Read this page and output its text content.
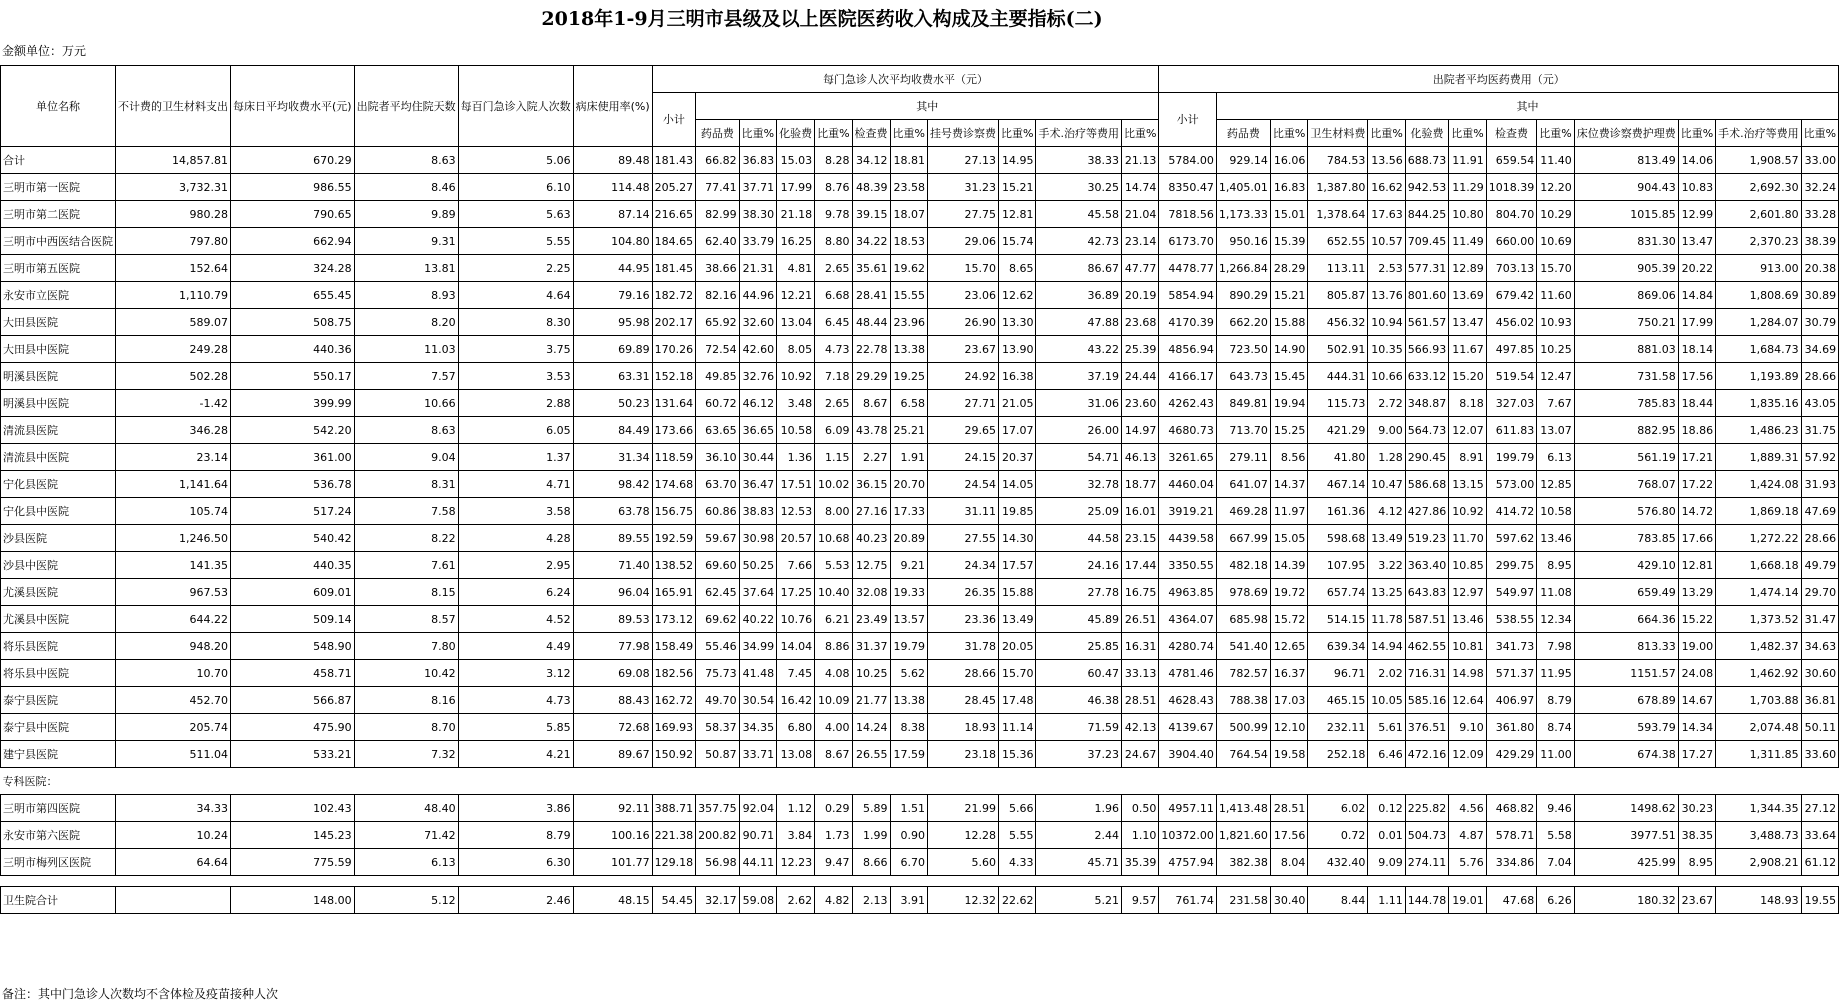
2018年1-9月三明市县级及以上医院医药收入构成及主要指标(二)
金额单位：万元
单位名称	不计费的卫生材料支出	每床日平均收费水平(元)	出院者平均住院天数	每百门急诊入院人次数	病床使用率(%)	每门急诊人次平均收费水平（元）											出院者平均医药费用（元）												
						小计	其中										小计	其中											
							药品费	比重%	化验费	比重%	检查费	比重%	挂号费诊察费	比重%	手术.治疗等费用	比重%		药品费	比重%	卫生材料费	比重%	化验费	比重%	检查费	比重%	床位费诊察费护理费	比重%	手术.治疗等费用	比重%
合计	14,857.81	670.29	8.63	5.06	89.48	181.43	66.82	36.83	15.03	8.28	34.12	18.81	27.13	14.95	38.33	21.13	5784.00	929.14	16.06	784.53	13.56	688.73	11.91	659.54	11.40	813.49	14.06	1,908.57	33.00
三明市第一医院	3,732.31	986.55	8.46	6.10	114.48	205.27	77.41	37.71	17.99	8.76	48.39	23.58	31.23	15.21	30.25	14.74	8350.47	1,405.01	16.83	1,387.80	16.62	942.53	11.29	1018.39	12.20	904.43	10.83	2,692.30	32.24
三明市第二医院	980.28	790.65	9.89	5.63	87.14	216.65	82.99	38.30	21.18	9.78	39.15	18.07	27.75	12.81	45.58	21.04	7818.56	1,173.33	15.01	1,378.64	17.63	844.25	10.80	804.70	10.29	1015.85	12.99	2,601.80	33.28
三明市中西医结合医院	797.80	662.94	9.31	5.55	104.80	184.65	62.40	33.79	16.25	8.80	34.22	18.53	29.06	15.74	42.73	23.14	6173.70	950.16	15.39	652.55	10.57	709.45	11.49	660.00	10.69	831.30	13.47	2,370.23	38.39
三明市第五医院	152.64	324.28	13.81	2.25	44.95	181.45	38.66	21.31	4.81	2.65	35.61	19.62	15.70	8.65	86.67	47.77	4478.77	1,266.84	28.29	113.11	2.53	577.31	12.89	703.13	15.70	905.39	20.22	913.00	20.38
永安市立医院	1,110.79	655.45	8.93	4.64	79.16	182.72	82.16	44.96	12.21	6.68	28.41	15.55	23.06	12.62	36.89	20.19	5854.94	890.29	15.21	805.87	13.76	801.60	13.69	679.42	11.60	869.06	14.84	1,808.69	30.89
大田县医院	589.07	508.75	8.20	8.30	95.98	202.17	65.92	32.60	13.04	6.45	48.44	23.96	26.90	13.30	47.88	23.68	4170.39	662.20	15.88	456.32	10.94	561.57	13.47	456.02	10.93	750.21	17.99	1,284.07	30.79
大田县中医院	249.28	440.36	11.03	3.75	69.89	170.26	72.54	42.60	8.05	4.73	22.78	13.38	23.67	13.90	43.22	25.39	4856.94	723.50	14.90	502.91	10.35	566.93	11.67	497.85	10.25	881.03	18.14	1,684.73	34.69
明溪县医院	502.28	550.17	7.57	3.53	63.31	152.18	49.85	32.76	10.92	7.18	29.29	19.25	24.92	16.38	37.19	24.44	4166.17	643.73	15.45	444.31	10.66	633.12	15.20	519.54	12.47	731.58	17.56	1,193.89	28.66
明溪县中医院	-1.42	399.99	10.66	2.88	50.23	131.64	60.72	46.12	3.48	2.65	8.67	6.58	27.71	21.05	31.06	23.60	4262.43	849.81	19.94	115.73	2.72	348.87	8.18	327.03	7.67	785.83	18.44	1,835.16	43.05
清流县医院	346.28	542.20	8.63	6.05	84.49	173.66	63.65	36.65	10.58	6.09	43.78	25.21	29.65	17.07	26.00	14.97	4680.73	713.70	15.25	421.29	9.00	564.73	12.07	611.83	13.07	882.95	18.86	1,486.23	31.75
清流县中医院	23.14	361.00	9.04	1.37	31.34	118.59	36.10	30.44	1.36	1.15	2.27	1.91	24.15	20.37	54.71	46.13	3261.65	279.11	8.56	41.80	1.28	290.45	8.91	199.79	6.13	561.19	17.21	1,889.31	57.92
宁化县医院	1,141.64	536.78	8.31	4.71	98.42	174.68	63.70	36.47	17.51	10.02	36.15	20.70	24.54	14.05	32.78	18.77	4460.04	641.07	14.37	467.14	10.47	586.68	13.15	573.00	12.85	768.07	17.22	1,424.08	31.93
宁化县中医院	105.74	517.24	7.58	3.58	63.78	156.75	60.86	38.83	12.53	8.00	27.16	17.33	31.11	19.85	25.09	16.01	3919.21	469.28	11.97	161.36	4.12	427.86	10.92	414.72	10.58	576.80	14.72	1,869.18	47.69
沙县医院	1,246.50	540.42	8.22	4.28	89.55	192.59	59.67	30.98	20.57	10.68	40.23	20.89	27.55	14.30	44.58	23.15	4439.58	667.99	15.05	598.68	13.49	519.23	11.70	597.62	13.46	783.85	17.66	1,272.22	28.66
沙县中医院	141.35	440.35	7.61	2.95	71.40	138.52	69.60	50.25	7.66	5.53	12.75	9.21	24.34	17.57	24.16	17.44	3350.55	482.18	14.39	107.95	3.22	363.40	10.85	299.75	8.95	429.10	12.81	1,668.18	49.79
尤溪县医院	967.53	609.01	8.15	6.24	96.04	165.91	62.45	37.64	17.25	10.40	32.08	19.33	26.35	15.88	27.78	16.75	4963.85	978.69	19.72	657.74	13.25	643.83	12.97	549.97	11.08	659.49	13.29	1,474.14	29.70
尤溪县中医院	644.22	509.14	8.57	4.52	89.53	173.12	69.62	40.22	10.76	6.21	23.49	13.57	23.36	13.49	45.89	26.51	4364.07	685.98	15.72	514.15	11.78	587.51	13.46	538.55	12.34	664.36	15.22	1,373.52	31.47
将乐县医院	948.20	548.90	7.80	4.49	77.98	158.49	55.46	34.99	14.04	8.86	31.37	19.79	31.78	20.05	25.85	16.31	4280.74	541.40	12.65	639.34	14.94	462.55	10.81	341.73	7.98	813.33	19.00	1,482.37	34.63
将乐县中医院	10.70	458.71	10.42	3.12	69.08	182.56	75.73	41.48	7.45	4.08	10.25	5.62	28.66	15.70	60.47	33.13	4781.46	782.57	16.37	96.71	2.02	716.31	14.98	571.37	11.95	1151.57	24.08	1,462.92	30.60
泰宁县医院	452.70	566.87	8.16	4.73	88.43	162.72	49.70	30.54	16.42	10.09	21.77	13.38	28.45	17.48	46.38	28.51	4628.43	788.38	17.03	465.15	10.05	585.16	12.64	406.97	8.79	678.89	14.67	1,703.88	36.81
泰宁县中医院	205.74	475.90	8.70	5.85	72.68	169.93	58.37	34.35	6.80	4.00	14.24	8.38	18.93	11.14	71.59	42.13	4139.67	500.99	12.10	232.11	5.61	376.51	9.10	361.80	8.74	593.79	14.34	2,074.48	50.11
建宁县医院	511.04	533.21	7.32	4.21	89.67	150.92	50.87	33.71	13.08	8.67	26.55	17.59	23.18	15.36	37.23	24.67	3904.40	764.54	19.58	252.18	6.46	472.16	12.09	429.29	11.00	674.38	17.27	1,311.85	33.60
专科医院：																													
三明市第四医院	34.33	102.43	48.40	3.86	92.11	388.71	357.75	92.04	1.12	0.29	5.89	1.51	21.99	5.66	1.96	0.50	4957.11	1,413.48	28.51	6.02	0.12	225.82	4.56	468.82	9.46	1498.62	30.23	1,344.35	27.12
永安市第六医院	10.24	145.23	71.42	8.79	100.16	221.38	200.82	90.71	3.84	1.73	1.99	0.90	12.28	5.55	2.44	1.10	10372.00	1,821.60	17.56	0.72	0.01	504.73	4.87	578.71	5.58	3977.51	38.35	3,488.73	33.64
三明市梅列区医院	64.64	775.59	6.13	6.30	101.77	129.18	56.98	44.11	12.23	9.47	8.66	6.70	5.60	4.33	45.71	35.39	4757.94	382.38	8.04	432.40	9.09	274.11	5.76	334.86	7.04	425.99	8.95	2,908.21	61.12

卫生院合计		148.00	5.12	2.46	48.15	54.45	32.17	59.08	2.62	4.82	2.13	3.91	12.32	22.62	5.21	9.57	761.74	231.58	30.40	8.44	1.11	144.78	19.01	47.68	6.26	180.32	23.67	148.93	19.55
备注：其中门急诊人次数均不含体检及疫苗接种人次
